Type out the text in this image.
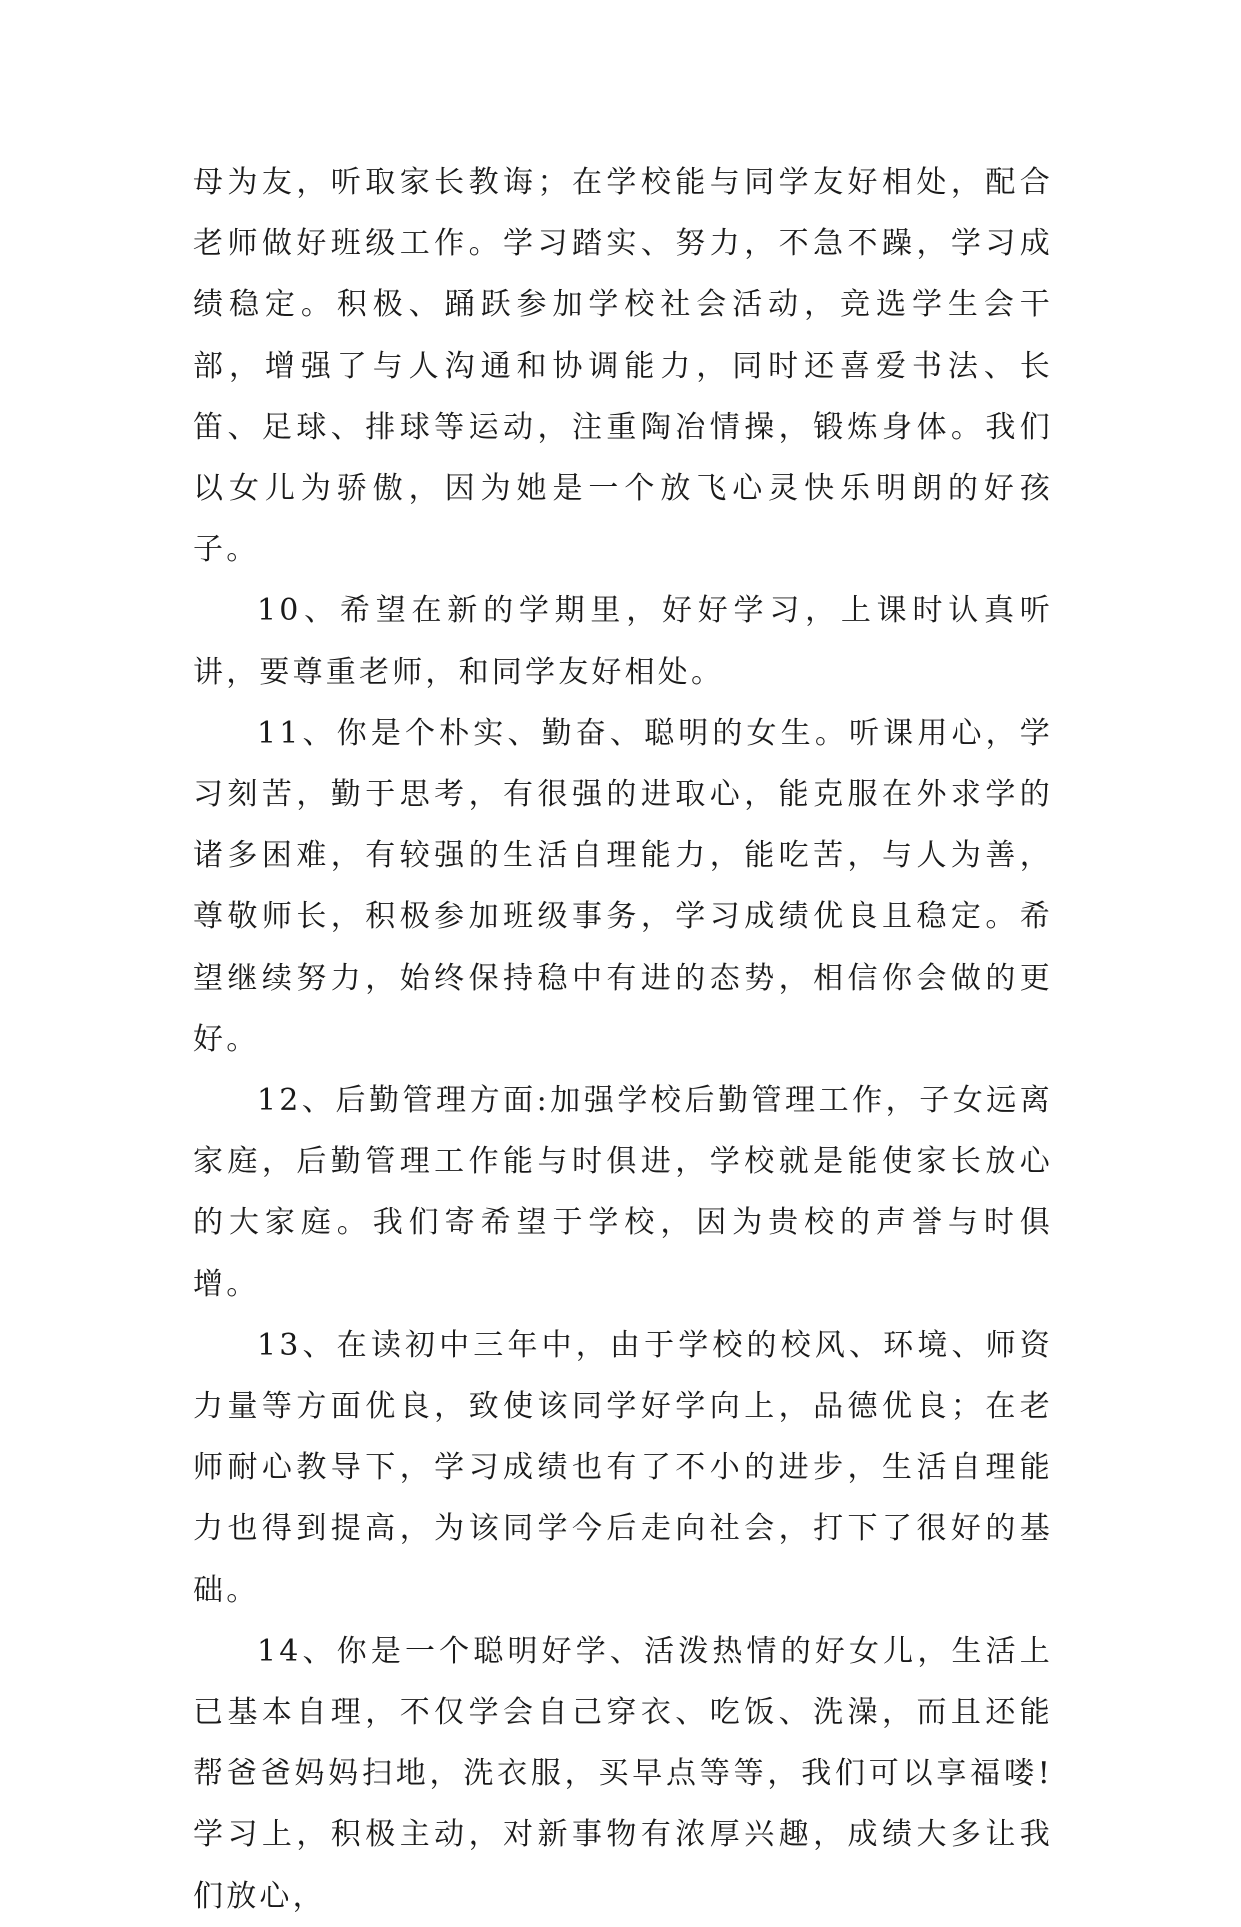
母为友，听取家长教诲；在学校能与同学友好相处，配合老师做好班级工作。学习踏实、努力，不急不躁，学习成绩稳定。积极、踊跃参加学校社会活动，竞选学生会干部，增强了与人沟通和协调能力，同时还喜爱书法、长笛、足球、排球等运动，注重陶冶情操，锻炼身体。我们以女儿为骄傲，因为她是一个放飞心灵快乐明朗的好孩子。

10、希望在新的学期里，好好学习，上课时认真听讲，要尊重老师，和同学友好相处。

11、你是个朴实、勤奋、聪明的女生。听课用心，学习刻苦，勤于思考，有很强的进取心，能克服在外求学的诸多困难，有较强的生活自理能力，能吃苦，与人为善，尊敬师长，积极参加班级事务，学习成绩优良且稳定。希望继续努力，始终保持稳中有进的态势，相信你会做的更好。

12、后勤管理方面:加强学校后勤管理工作，子女远离家庭，后勤管理工作能与时俱进，学校就是能使家长放心的大家庭。我们寄希望于学校，因为贵校的声誉与时俱增。

13、在读初中三年中，由于学校的校风、环境、师资力量等方面优良，致使该同学好学向上，品德优良；在老师耐心教导下，学习成绩也有了不小的进步，生活自理能力也得到提高，为该同学今后走向社会，打下了很好的基础。

14、你是一个聪明好学、活泼热情的好女儿，生活上已基本自理，不仅学会自己穿衣、吃饭、洗澡，而且还能帮爸爸妈妈扫地，洗衣服，买早点等等，我们可以享福喽!学习上，积极主动，对新事物有浓厚兴趣，成绩大多让我们放心，
